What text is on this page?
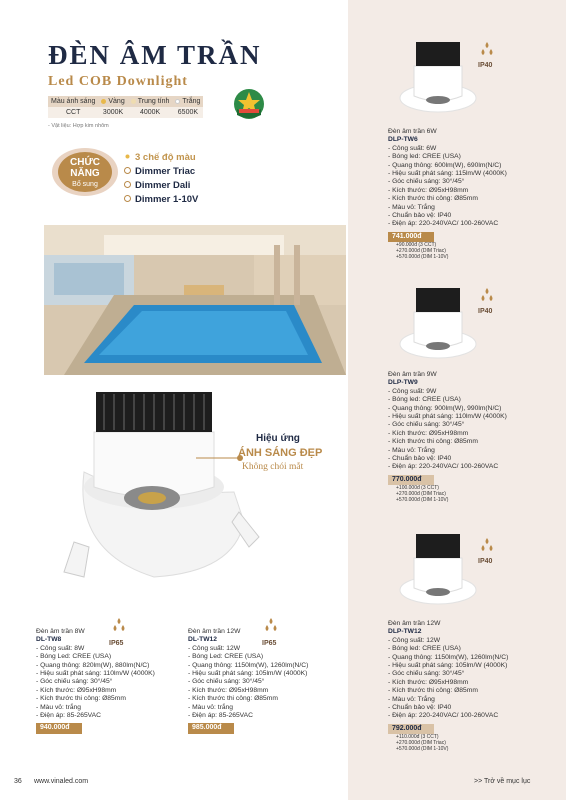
ĐÈN ÂM TRẦN
Led COB Downlight
Màu ánh sáng	Vàng	Trung tính	Trắng
CCT	3000K	4000K	6500K
- Vật liệu: Hợp kim nhôm
CHỨC
NĂNG
Bổ sung
3 chế độ màu
Dimmer Triac
Dimmer Dali
Dimmer 1-10V
Hiệu ứng
ÁNH SÁNG ĐẸP
Không chói mắt
IP40
Đèn âm trần 6W
DLP-TW6
- Công suất: 6W
- Bóng led: CREE (USA)
- Quang thông: 600lm(W), 690lm(N/C)
- Hiệu suất phát sáng: 115lm/W (4000K)
- Góc chiếu sáng: 30°/45°
- Kích thước: Ø95xH98mm
- Kích thước thi công: Ø85mm
- Màu vỏ: Trắng
- Chuẩn bảo vệ: IP40
- Điện áp: 220-240VAC/ 100-260VAC
741.000đ
+90.000đ (3 CCT)
+270.000đ (DIM Triac)
+570.000đ (DIM 1-10V)
IP40
Đèn âm trần 9W
DLP-TW9
- Công suất: 9W
- Bóng led: CREE (USA)
- Quang thông: 900lm(W), 990lm(N/C)
- Hiệu suất phát sáng: 110lm/W (4000K)
- Góc chiếu sáng: 30°/45°
- Kích thước: Ø95xH98mm
- Kích thước thi công: Ø85mm
- Màu vỏ: Trắng
- Chuẩn bảo vệ: IP40
- Điện áp: 220-240VAC/ 100-260VAC
770.000đ
+100.000đ (3 CCT)
+270.000đ (DIM Triac)
+570.000đ (DIM 1-10V)
IP40
Đèn âm trần 12W
DLP-TW12
- Công suất: 12W
- Bóng led: CREE (USA)
- Quang thông: 1150lm(W), 1260lm(N/C)
- Hiệu suất phát sáng: 105lm/W (4000K)
- Góc chiếu sáng: 30°/45°
- Kích thước: Ø95xH98mm
- Kích thước thi công: Ø85mm
- Màu vỏ: Trắng
- Chuẩn bảo vệ: IP40
- Điện áp: 220-240VAC/ 100-260VAC
792.000đ
+110.000đ (3 CCT)
+270.000đ (DIM Triac)
+570.000đ (DIM 1-10V)
IP65
Đèn âm trần 8W
DL-TW8
- Công suất: 8W
- Bóng Led: CREE (USA)
- Quang thông: 820lm(W), 880lm(N/C)
- Hiệu suất phát sáng: 110lm/W (4000K)
- Góc chiếu sáng: 30°/45°
- Kích thước: Ø95xH98mm
- Kích thước thi công: Ø85mm
- Màu vỏ: trắng
- Điện áp: 85-265VAC
940.000đ
IP65
Đèn âm trần 12W
DL-TW12
- Công suất: 12W
- Bóng Led: CREE (USA)
- Quang thông: 1150lm(W), 1260lm(N/C)
- Hiệu suất phát sáng: 105lm/W (4000K)
- Góc chiếu sáng: 30°/45°
- Kích thước: Ø95xH98mm
- Kích thước thi công: Ø85mm
- Màu vỏ: trắng
- Điện áp: 85-265VAC
985.000đ
36 www.vinaled.com	>> Trở về mục lục
